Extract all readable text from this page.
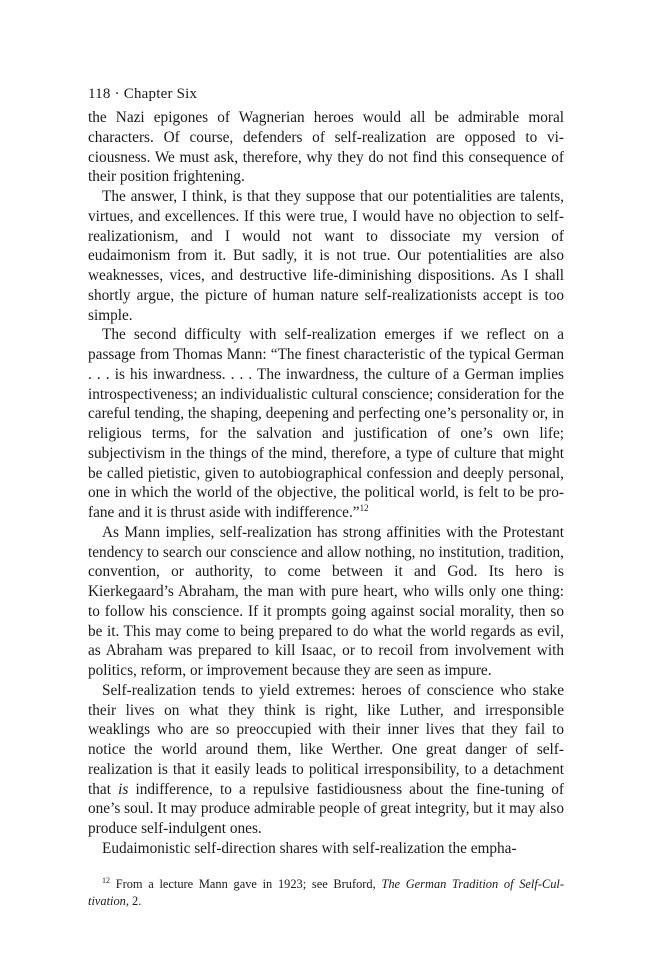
118 · Chapter Six

the Nazi epigones of Wagnerian heroes would all be admirable moral characters. Of course, defenders of self-realization are opposed to viciousness. We must ask, therefore, why they do not find this consequence of their position frightening.

The answer, I think, is that they suppose that our potentialities are talents, virtues, and excellences. If this were true, I would have no objection to self-realizationism, and I would not want to dissociate my version of eudaimonism from it. But sadly, it is not true. Our potentialities are also weaknesses, vices, and destructive life-diminishing dispositions. As I shall shortly argue, the picture of human nature self-realizationists accept is too simple.

The second difficulty with self-realization emerges if we reflect on a passage from Thomas Mann: “The finest characteristic of the typical German . . . is his inwardness. . . . The inwardness, the culture of a German implies introspectiveness; an individualistic cultural conscience; consideration for the careful tending, the shaping, deepening and perfecting one’s personality or, in religious terms, for the salvation and justification of one’s own life; subjectivism in the things of the mind, therefore, a type of culture that might be called pietistic, given to autobiographical confession and deeply personal, one in which the world of the objective, the political world, is felt to be profane and it is thrust aside with indifference.”$^{12}$

As Mann implies, self-realization has strong affinities with the Protestant tendency to search our conscience and allow nothing, no institution, tradition, convention, or authority, to come between it and God. Its hero is Kierkegaard’s Abraham, the man with pure heart, who wills only one thing: to follow his conscience. If it prompts going against social morality, then so be it. This may come to being prepared to do what the world regards as evil, as Abraham was prepared to kill Isaac, or to recoil from involvement with politics, reform, or improvement because they are seen as impure.

Self-realization tends to yield extremes: heroes of conscience who stake their lives on what they think is right, like Luther, and irresponsible weaklings who are so preoccupied with their inner lives that they fail to notice the world around them, like Werther. One great danger of self-realization is that it easily leads to political irresponsibility, to a detachment that is indifference, to a repulsive fastidiousness about the fine-tuning of one’s soul. It may produce admirable people of great integrity, but it may also produce self-indulgent ones.

Eudaimonistic self-direction shares with self-realization the empha-

$^{12}$ From a lecture Mann gave in 1923; see Bruford, The German Tradition of Self-Cultivation, 2.
